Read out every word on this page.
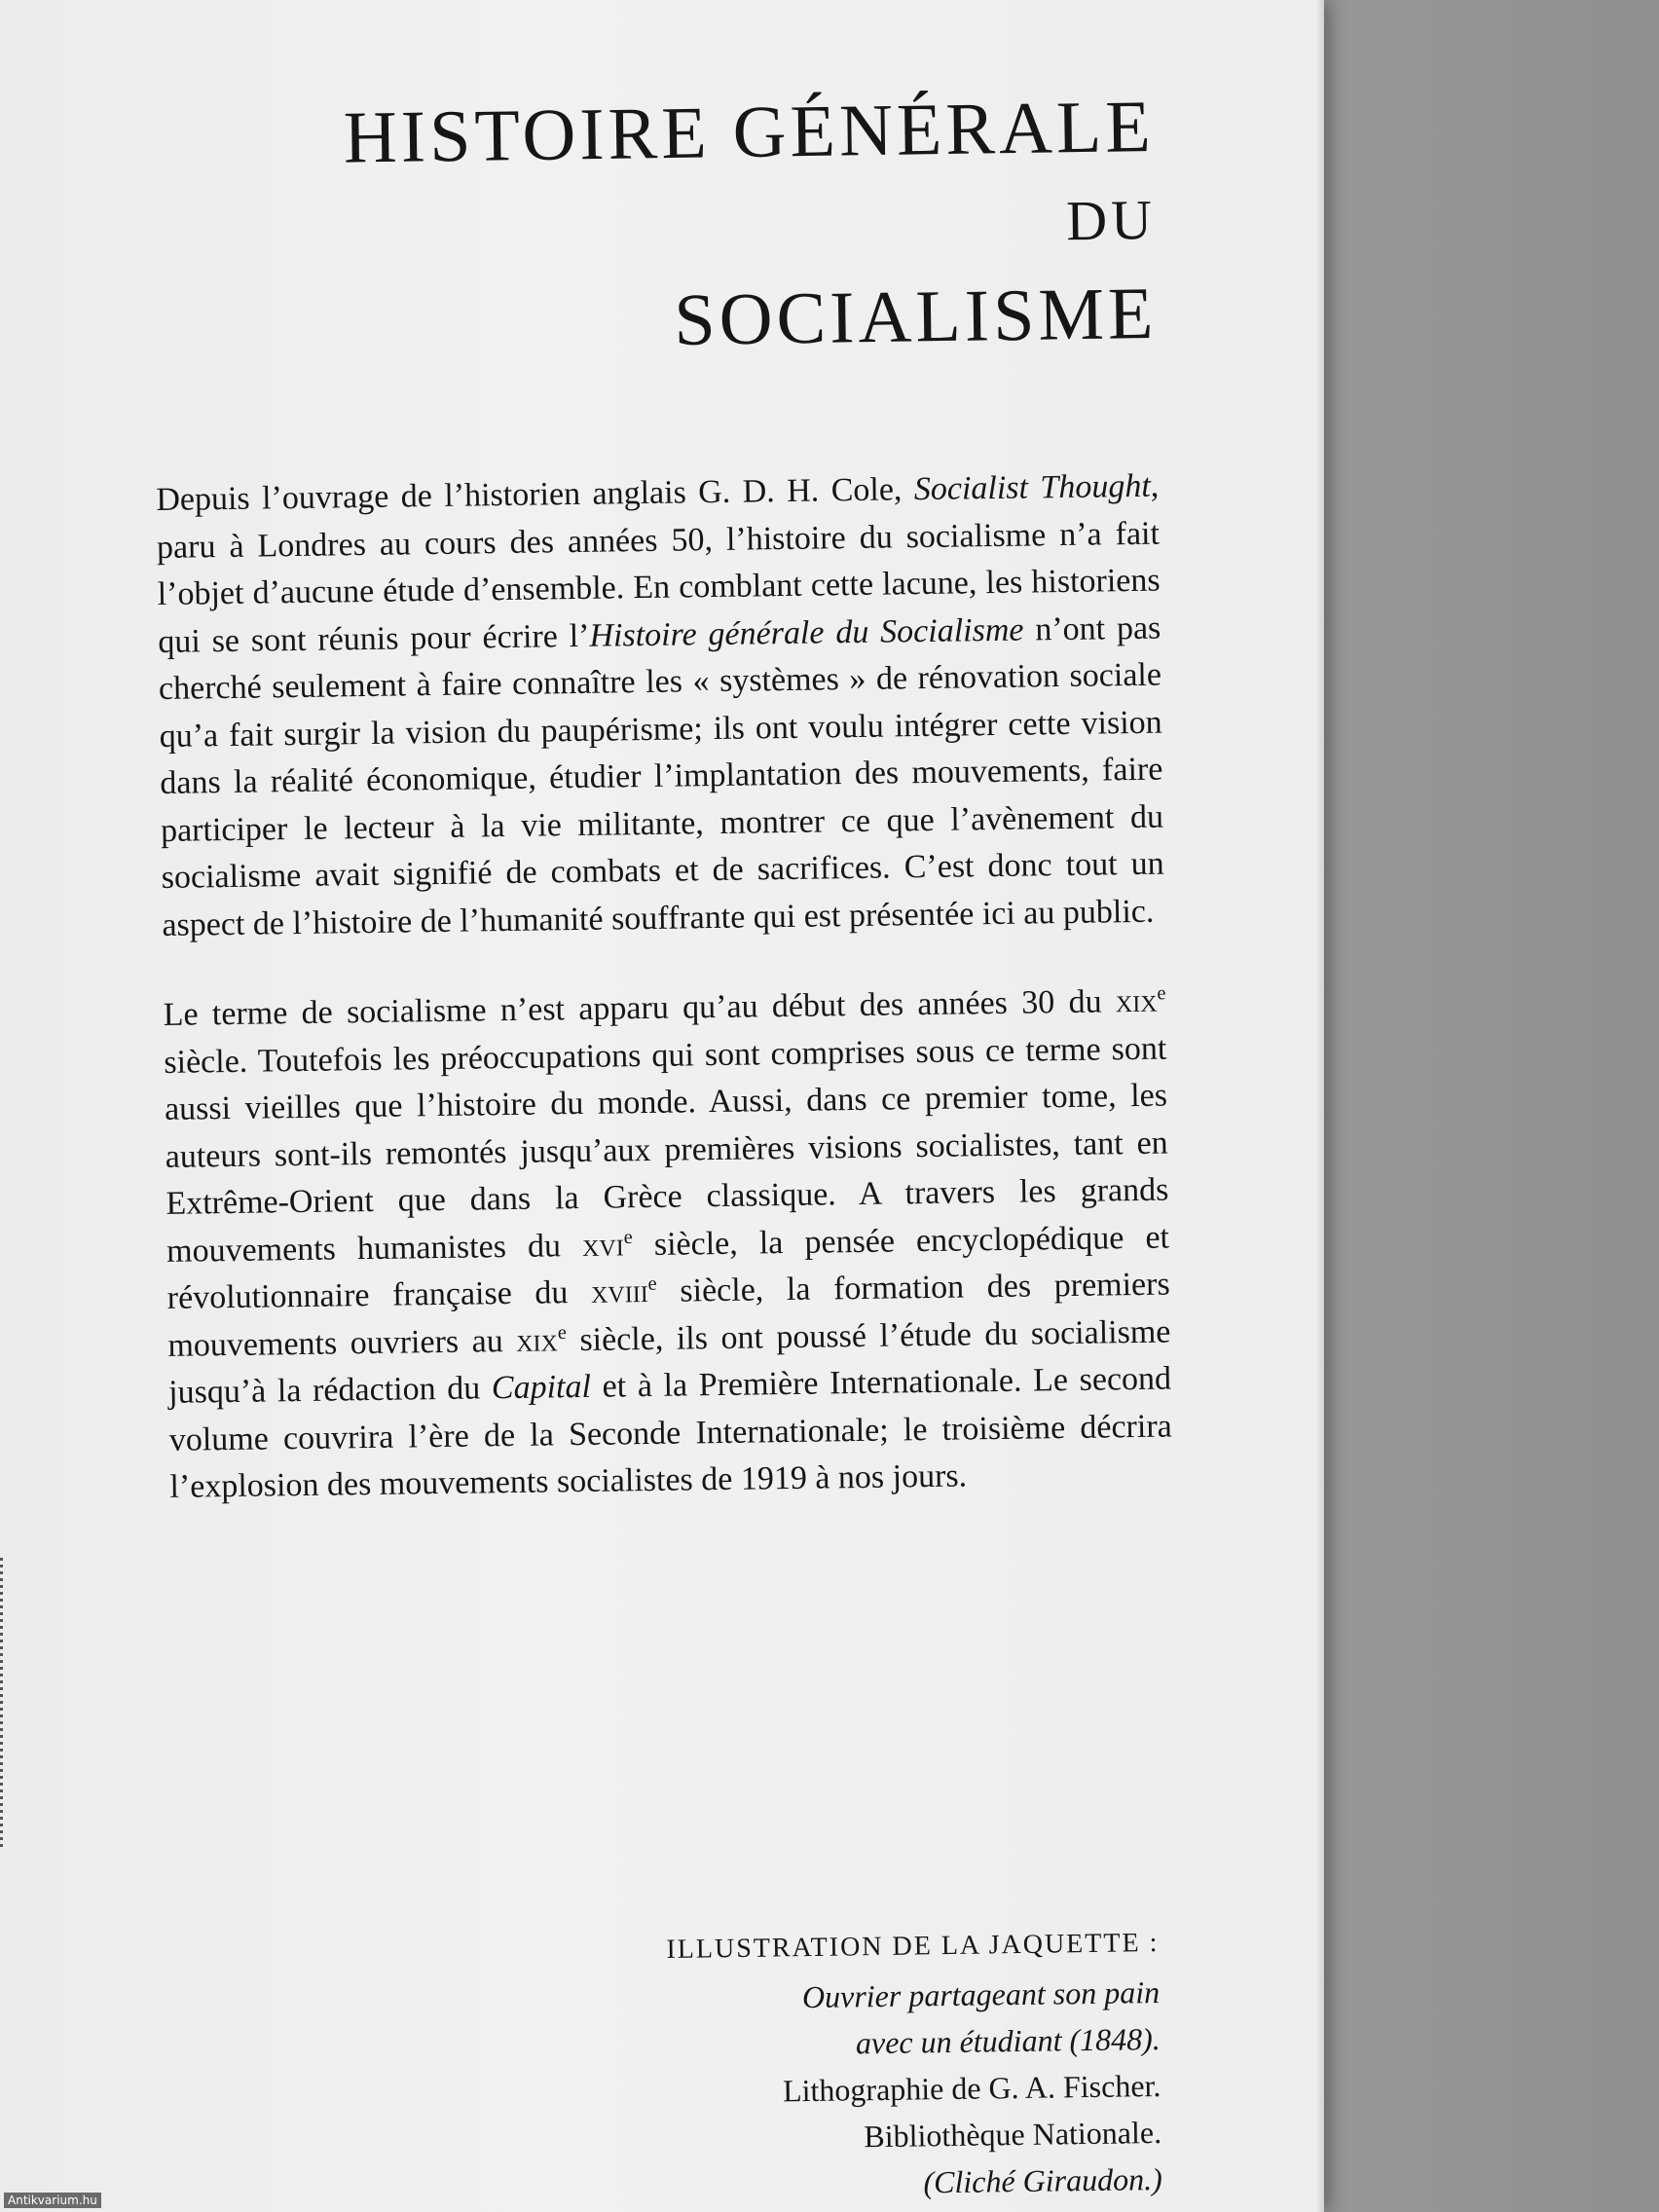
HISTOIRE GÉNÉRALE
DU
SOCIALISME

Depuis l’ouvrage de l’historien anglais G. D. H. Cole, Socialist Thought, paru à Londres au cours des années 50, l’histoire du socialisme n’a fait l’objet d’aucune étude d’ensemble. En comblant cette lacune, les historiens qui se sont réunis pour écrire l’Histoire générale du Socialisme n’ont pas cherché seulement à faire connaître les « systèmes » de rénovation sociale qu’a fait surgir la vision du paupérisme; ils ont voulu intégrer cette vision dans la réalité économique, étudier l’implantation des mouvements, faire participer le lecteur à la vie militante, montrer ce que l’avènement du socialisme avait signifié de combats et de sacrifices. C’est donc tout un aspect de l’histoire de l’humanité souffrante qui est présentée ici au public.

Le terme de socialisme n’est apparu qu’au début des années 30 du xix$^e$ siècle. Toutefois les préoccupations qui sont comprises sous ce terme sont aussi vieilles que l’histoire du monde. Aussi, dans ce premier tome, les auteurs sont-ils remontés jusqu’aux premières visions socialistes, tant en Extrême-Orient que dans la Grèce classique. A travers les grands mouvements humanistes du xvi$^e$ siècle, la pensée encyclopédique et révolutionnaire française du xviii$^e$ siècle, la formation des premiers mouvements ouvriers au xix$^e$ siècle, ils ont poussé l’étude du socialisme jusqu’à la rédaction du Capital et à la Première Internationale. Le second volume couvrira l’ère de la Seconde Internationale; le troisième décrira l’explosion des mouvements socialistes de 1919 à nos jours.

ILLUSTRATION DE LA JAQUETTE :
Ouvrier partageant son pain
avec un étudiant (1848).
Lithographie de G. A. Fischer.
Bibliothèque Nationale.
(Cliché Giraudon.)
Antikvarium.hu
